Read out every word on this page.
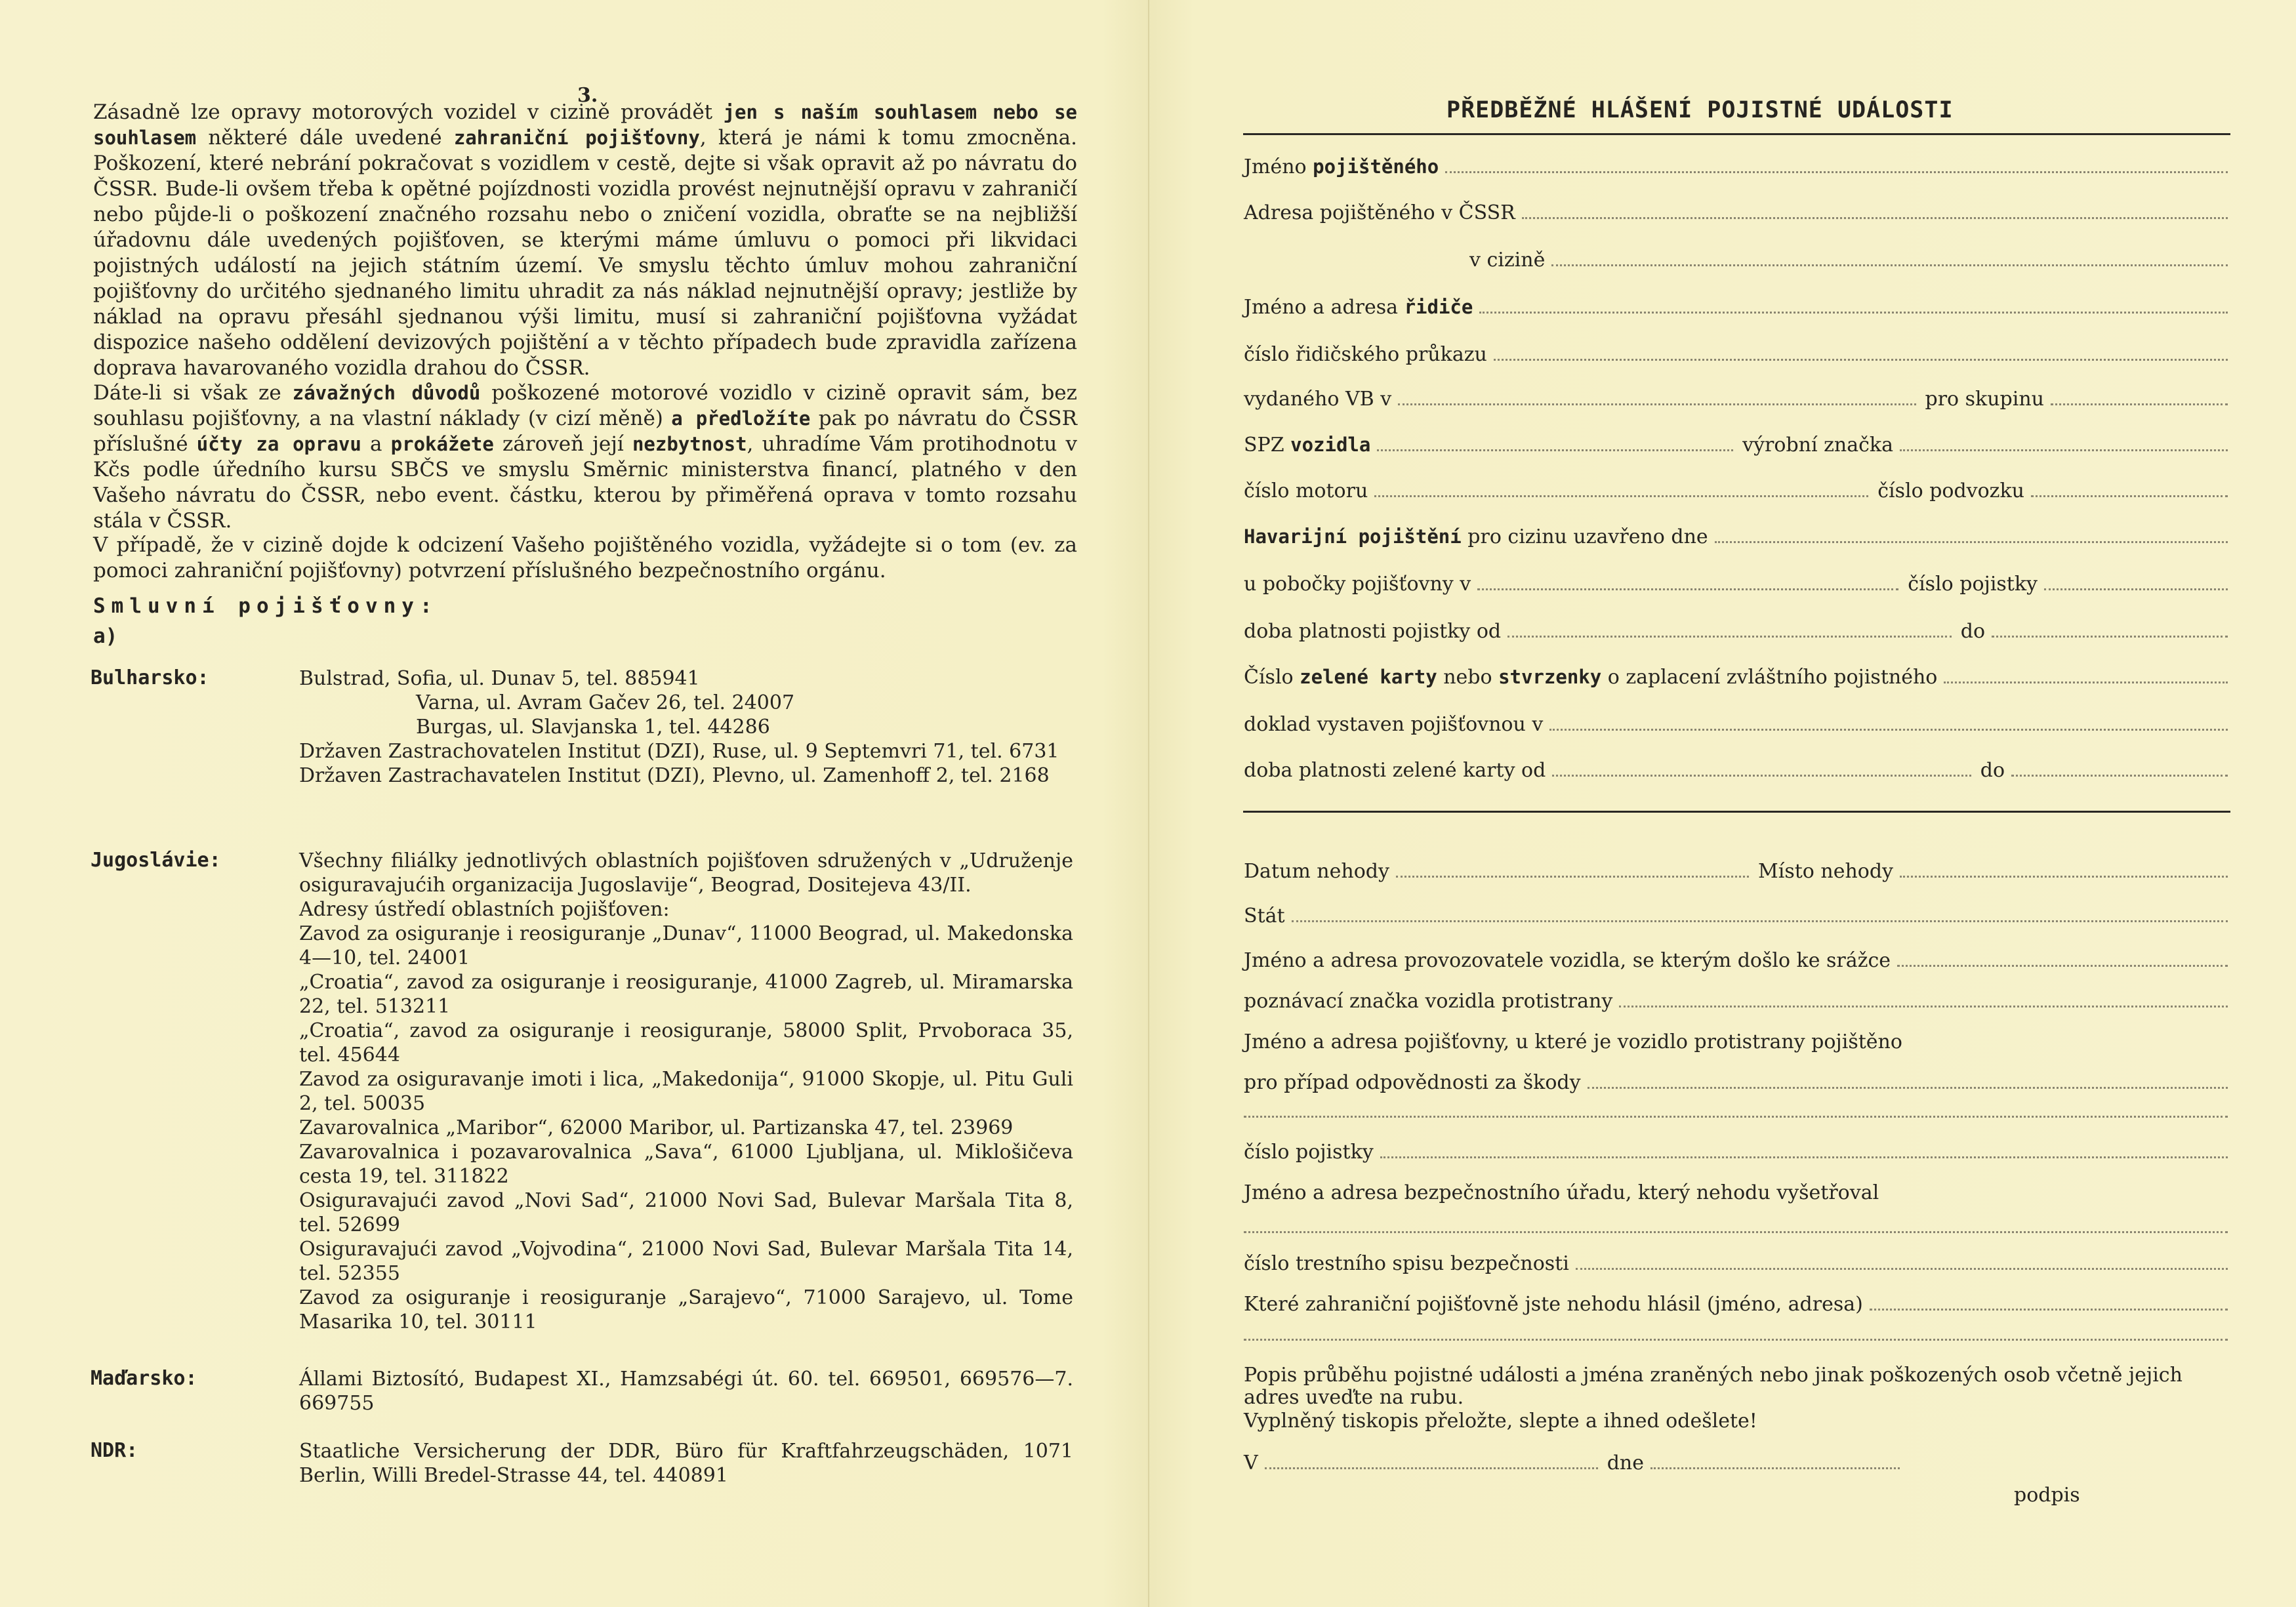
3.

Zásadně lze opravy motorových vozidel v cizině provádět jen s naším souhlasem nebo se souhlasem některé dále uvedené zahraniční pojišťovny, která je námi k tomu zmocněna. Poškození, které nebrání pokračovat s vozidlem v cestě, dejte si však opravit až po návratu do ČSSR. Bude-li ovšem třeba k opětné pojízdnosti vozidla provést nejnutnější opravu v zahraničí nebo půjde-li o poškození značného rozsahu nebo o zničení vozidla, obraťte se na nejbližší úřadovnu dále uvedených pojišťoven, se kterými máme úmluvu o pomoci při likvidaci pojistných událostí na jejich státním území. Ve smyslu těchto úmluv mohou zahraniční pojišťovny do určitého sjednaného limitu uhradit za nás náklad nejnutnější opravy; jestliže by náklad na opravu přesáhl sjednanou výši limitu, musí si zahraniční pojišťovna vyžádat dispozice našeho oddělení devizových pojištění a v těchto případech bude zpravidla zařízena doprava havarovaného vozidla drahou do ČSSR.

Dáte-li si však ze závažných důvodů poškozené motorové vozidlo v cizině opravit sám, bez souhlasu pojišťovny, a na vlastní náklady (v cizí měně) a předložíte pak po návratu do ČSSR příslušné účty za opravu a prokážete zároveň její nezbytnost, uhradíme Vám protihodnotu v Kčs podle úředního kursu SBČS ve smyslu Směrnic ministerstva financí, platného v den Vašeho návratu do ČSSR, nebo event. částku, kterou by přiměřená oprava v tomto rozsahu stála v ČSSR.

V případě, že v cizině dojde k odcizení Vašeho pojištěného vozidla, vyžádejte si o tom (ev. za pomoci zahraniční pojišťovny) potvrzení příslušného bezpečnostního orgánu.

Smluvní pojišťovny:
a)
Bulharsko:	Bulstrad, Sofia, ul. Dunav 5, tel. 885941
Varna, ul. Avram Gačev 26, tel. 24007
Burgas, ul. Slavjanska 1, tel. 44286
Državen Zastrachovatelen Institut (DZI), Ruse, ul. 9 Septemvri 71, tel. 6731
Državen Zastrachavatelen Institut (DZI), Plevno, ul. Zamenhoff 2, tel. 2168
Jugoslávie:	Všechny filiálky jednotlivých oblastních pojišťoven sdružených v „Udruženje osiguravajućih organizacija Jugoslavije“, Beograd, Dositejeva 43/II.
Adresy ústředí oblastních pojišťoven:
Zavod za osiguranje i reosiguranje „Dunav“, 11000 Beograd, ul. Makedonska 4—10, tel. 24001
„Croatia“, zavod za osiguranje i reosiguranje, 41000 Zagreb, ul. Miramarska 22, tel. 513211
„Croatia“, zavod za osiguranje i reosiguranje, 58000 Split, Prvoboraca 35, tel. 45644
Zavod za osiguravanje imoti i lica, „Makedonija“, 91000 Skopje, ul. Pitu Guli 2, tel. 50035
Zavarovalnica „Maribor“, 62000 Maribor, ul. Partizanska 47, tel. 23969
Zavarovalnica i pozavarovalnica „Sava“, 61000 Ljubljana, ul. Miklošičeva cesta 19, tel. 311822
Osiguravajući zavod „Novi Sad“, 21000 Novi Sad, Bulevar Maršala Tita 8, tel. 52699
Osiguravajući zavod „Vojvodina“, 21000 Novi Sad, Bulevar Maršala Tita 14, tel. 52355
Zavod za osiguranje i reosiguranje „Sarajevo“, 71000 Sarajevo, ul. Tome Masarika 10, tel. 30111
Maďarsko:	Állami Biztosító, Budapest XI., Hamzsabégi út. 60. tel. 669501, 669576—7. 669755
NDR:	Staatliche Versicherung der DDR, Büro für Kraftfahrzeugschäden, 1071 Berlin, Willi Bredel-Strasse 44, tel. 440891
PŘEDBĚŽNÉ HLÁŠENÍ POJISTNÉ UDÁLOSTI
Jméno pojištěného
Adresa pojištěného v ČSSR
v cizině
Jméno a adresa řidiče
číslo řidičského průkazu
vydaného VB v	pro skupinu
SPZ vozidla	výrobní značka
číslo motoru	číslo podvozku
Havarijní pojištění pro cizinu uzavřeno dne
u pobočky pojišťovny v	číslo pojistky
doba platnosti pojistky od	do
Číslo zelené karty nebo stvrzenky o zaplacení zvláštního pojistného
doklad vystaven pojišťovnou v
doba platnosti zelené karty od	do
Datum nehody	Místo nehody
Stát
Jméno a adresa provozovatele vozidla, se kterým došlo ke srážce
poznávací značka vozidla protistrany
Jméno a adresa pojišťovny, u které je vozidlo protistrany pojištěno
pro případ odpovědnosti za škody
číslo pojistky
Jméno a adresa bezpečnostního úřadu, který nehodu vyšetřoval
číslo trestního spisu bezpečnosti
Které zahraniční pojišťovně jste nehodu hlásil (jméno, adresa)
Popis průběhu pojistné události a jména zraněných nebo jinak poškozených osob včetně jejich adres uveďte na rubu.
Vyplněný tiskopis přeložte, slepte a ihned odešlete!
V	dne
podpis
